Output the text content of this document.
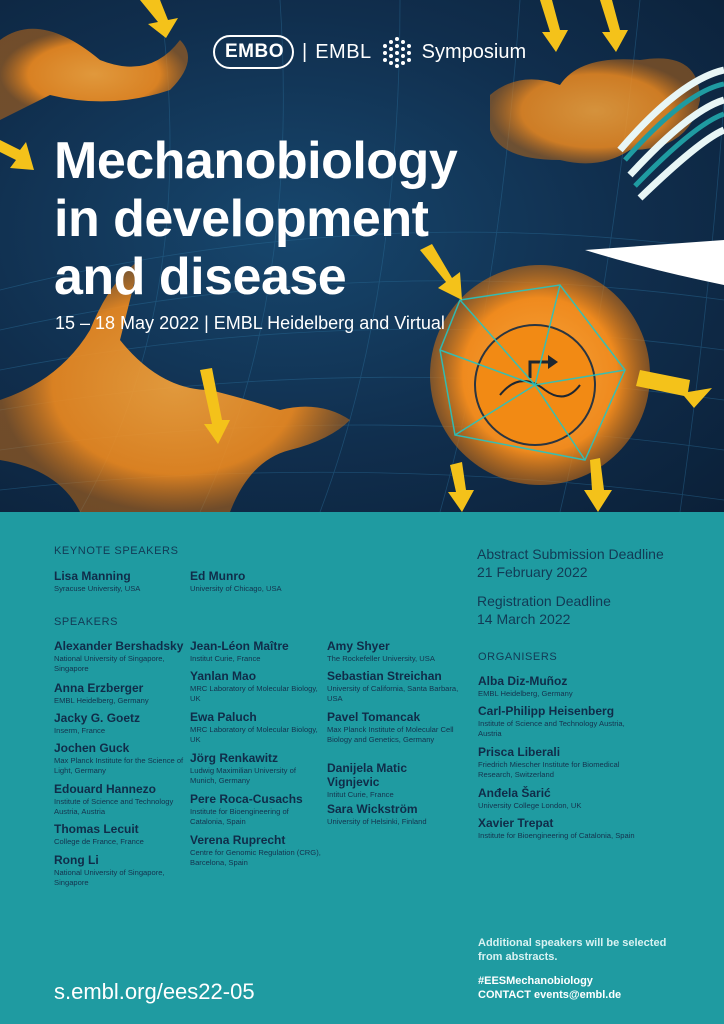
EMBO | EMBL	Symposium
Mechanobiology
in development
and disease

15 – 18 May 2022 | EMBL Heidelberg and Virtual

KEYNOTE SPEAKERS
Lisa Manning
Syracuse University, USA
Ed Munro
University of Chicago, USA
SPEAKERS
Alexander Bershadsky
National University of Singapore, Singapore
Anna Erzberger
EMBL Heidelberg, Germany
Jacky G. Goetz
Inserm, France
Jochen Guck
Max Planck Institute for the Science of Light, Germany
Edouard Hannezo
Institute of Science and Technology Austria, Austria
Thomas Lecuit
College de France, France
Rong Li
National University of Singapore, Singapore
Jean-Léon Maître
Institut Curie, France
Yanlan Mao
MRC Laboratory of Molecular Biology, UK
Ewa Paluch
MRC Laboratory of Molecular Biology, UK
Jörg Renkawitz
Ludwig Maximilian University of Munich, Germany
Pere Roca-Cusachs
Institute for Bioengineering of Catalonia, Spain
Verena Ruprecht
Centre for Genomic Regulation (CRG), Barcelona, Spain
Amy Shyer
The Rockefeller University, USA
Sebastian Streichan
University of California, Santa Barbara, USA
Pavel Tomancak
Max Planck Institute of Molecular Cell Biology and Genetics, Germany
Danijela Matic Vignjevic
Intitut Curie, France
Sara Wickström
University of Helsinki, Finland
Abstract Submission Deadline
21 February 2022
Registration Deadline
14 March 2022
ORGANISERS
Alba Diz-Muñoz
EMBL Heidelberg, Germany
Carl-Philipp Heisenberg
Institute of Science and Technology Austria, Austria
Prisca Liberali
Friedrich Miescher Institute for Biomedical Research, Switzerland
Anđela Šarić
University College London, UK
Xavier Trepat
Institute for Bioengineering of Catalonia, Spain

s.embl.org/ees22-05

Additional speakers will be selected from abstracts.
#EESMechanobiology
CONTACT events@embl.de
